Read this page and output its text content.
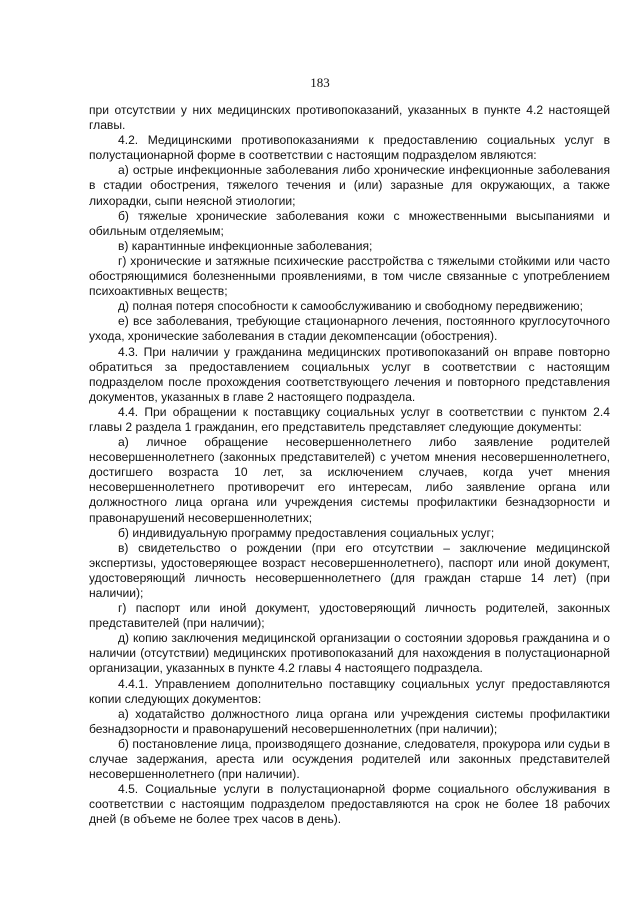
183

при отсутствии у них медицинских противопоказаний, указанных в пункте 4.2 настоящей главы.

4.2. Медицинскими противопоказаниями к предоставлению социальных услуг в полустационарной форме в соответствии с настоящим подразделом являются:

а) острые инфекционные заболевания либо хронические инфекционные заболевания в стадии обострения, тяжелого течения и (или) заразные для окружающих, а также лихорадки, сыпи неясной этиологии;

б) тяжелые хронические заболевания кожи с множественными высыпаниями и обильным отделяемым;

в) карантинные инфекционные заболевания;

г) хронические и затяжные психические расстройства с тяжелыми стойкими или часто обостряющимися болезненными проявлениями, в том числе связанные с употреблением психоактивных веществ;

д) полная потеря способности к самообслуживанию и свободному передвижению;

е) все заболевания, требующие стационарного лечения, постоянного круглосуточного ухода, хронические заболевания в стадии декомпенсации (обострения).

4.3. При наличии у гражданина медицинских противопоказаний он вправе повторно обратиться за предоставлением социальных услуг в соответствии с настоящим подразделом после прохождения соответствующего лечения и повторного представления документов, указанных в главе 2 настоящего подраздела.

4.4. При обращении к поставщику социальных услуг в соответствии с пунктом 2.4 главы 2 раздела 1 гражданин, его представитель представляет следующие документы:

а) личное обращение несовершеннолетнего либо заявление родителей несовершеннолетнего (законных представителей) с учетом мнения несовершеннолетнего, достигшего возраста 10 лет, за исключением случаев, когда учет мнения несовершеннолетнего противоречит его интересам, либо заявление органа или должностного лица органа или учреждения системы профилактики безнадзорности и правонарушений несовершеннолетних;

б) индивидуальную программу предоставления социальных услуг;

в) свидетельство о рождении (при его отсутствии – заключение медицинской экспертизы, удостоверяющее возраст несовершеннолетнего), паспорт или иной документ, удостоверяющий личность несовершеннолетнего (для граждан старше 14 лет) (при наличии);

г) паспорт или иной документ, удостоверяющий личность родителей, законных представителей (при наличии);

д) копию заключения медицинской организации о состоянии здоровья гражданина и о наличии (отсутствии) медицинских противопоказаний для нахождения в полустационарной организации, указанных в пункте 4.2 главы 4 настоящего подраздела.

4.4.1. Управлением дополнительно поставщику социальных услуг предоставляются копии следующих документов:

а) ходатайство должностного лица органа или учреждения системы профилактики безнадзорности и правонарушений несовершеннолетних (при наличии);

б) постановление лица, производящего дознание, следователя, прокурора или судьи в случае задержания, ареста или осуждения родителей или законных представителей несовершеннолетнего (при наличии).

4.5. Социальные услуги в полустационарной форме социального обслуживания в соответствии с настоящим подразделом предоставляются на срок не более 18 рабочих дней (в объеме не более трех часов в день).
